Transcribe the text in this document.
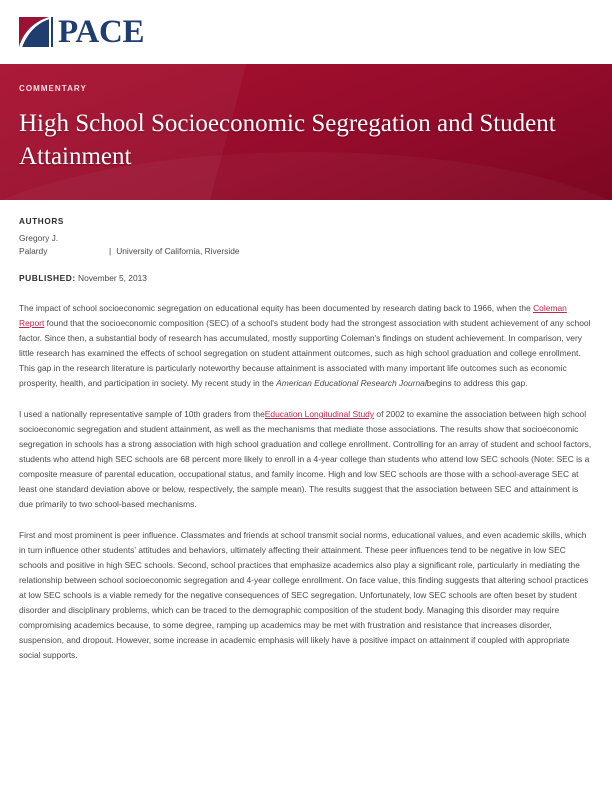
PACE
COMMENTARY
High School Socioeconomic Segregation and Student Attainment
AUTHORS
Gregory J.
Palardy	| University of California, Riverside
PUBLISHED: November 5, 2013

The impact of school socioeconomic segregation on educational equity has been documented by research dating back to 1966, when the Coleman Report found that the socioeconomic composition (SEC) of a school's student body had the strongest association with student achievement of any school factor. Since then, a substantial body of research has accumulated, mostly supporting Coleman's findings on student achievement. In comparison, very little research has examined the effects of school segregation on student attainment outcomes, such as high school graduation and college enrollment. This gap in the research literature is particularly noteworthy because attainment is associated with many important life outcomes such as economic prosperity, health, and participation in society. My recent study in the American Educational Research Journalbegins to address this gap.

I used a nationally representative sample of 10th graders from theEducation Longitudinal Study of 2002 to examine the association between high school socioeconomic segregation and student attainment, as well as the mechanisms that mediate those associations. The results show that socioeconomic segregation in schools has a strong association with high school graduation and college enrollment. Controlling for an array of student and school factors, students who attend high SEC schools are 68 percent more likely to enroll in a 4-year college than students who attend low SEC schools (Note: SEC is a composite measure of parental education, occupational status, and family income. High and low SEC schools are those with a school-average SEC at least one standard deviation above or below, respectively, the sample mean). The results suggest that the association between SEC and attainment is due primarily to two school-based mechanisms.

First and most prominent is peer influence. Classmates and friends at school transmit social norms, educational values, and even academic skills, which in turn influence other students' attitudes and behaviors, ultimately affecting their attainment. These peer influences tend to be negative in low SEC schools and positive in high SEC schools. Second, school practices that emphasize academics also play a significant role, particularly in mediating the relationship between school socioeconomic segregation and 4-year college enrollment. On face value, this finding suggests that altering school practices at low SEC schools is a viable remedy for the negative consequences of SEC segregation. Unfortunately, low SEC schools are often beset by student disorder and disciplinary problems, which can be traced to the demographic composition of the student body. Managing this disorder may require compromising academics because, to some degree, ramping up academics may be met with frustration and resistance that increases disorder, suspension, and dropout. However, some increase in academic emphasis will likely have a positive impact on attainment if coupled with appropriate social supports.
